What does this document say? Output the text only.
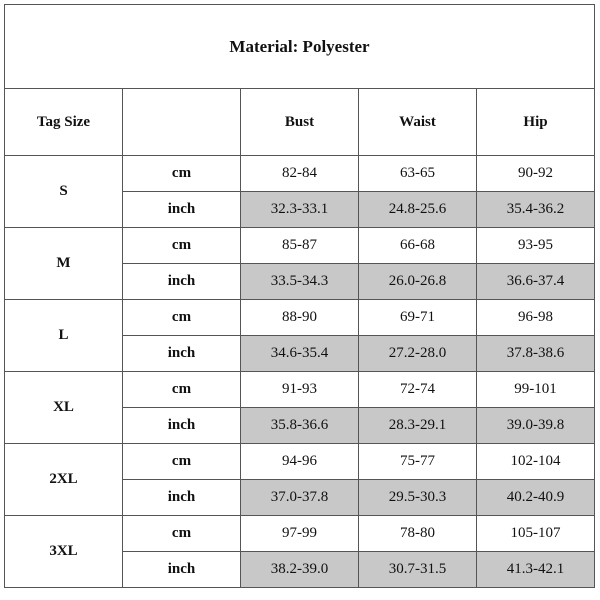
Material: Polyester				
Tag Size		Bust	Waist	Hip
S	cm	82-84	63-65	90-92
	inch	32.3-33.1	24.8-25.6	35.4-36.2
M	cm	85-87	66-68	93-95
	inch	33.5-34.3	26.0-26.8	36.6-37.4
L	cm	88-90	69-71	96-98
	inch	34.6-35.4	27.2-28.0	37.8-38.6
XL	cm	91-93	72-74	99-101
	inch	35.8-36.6	28.3-29.1	39.0-39.8
2XL	cm	94-96	75-77	102-104
	inch	37.0-37.8	29.5-30.3	40.2-40.9
3XL	cm	97-99	78-80	105-107
	inch	38.2-39.0	30.7-31.5	41.3-42.1
